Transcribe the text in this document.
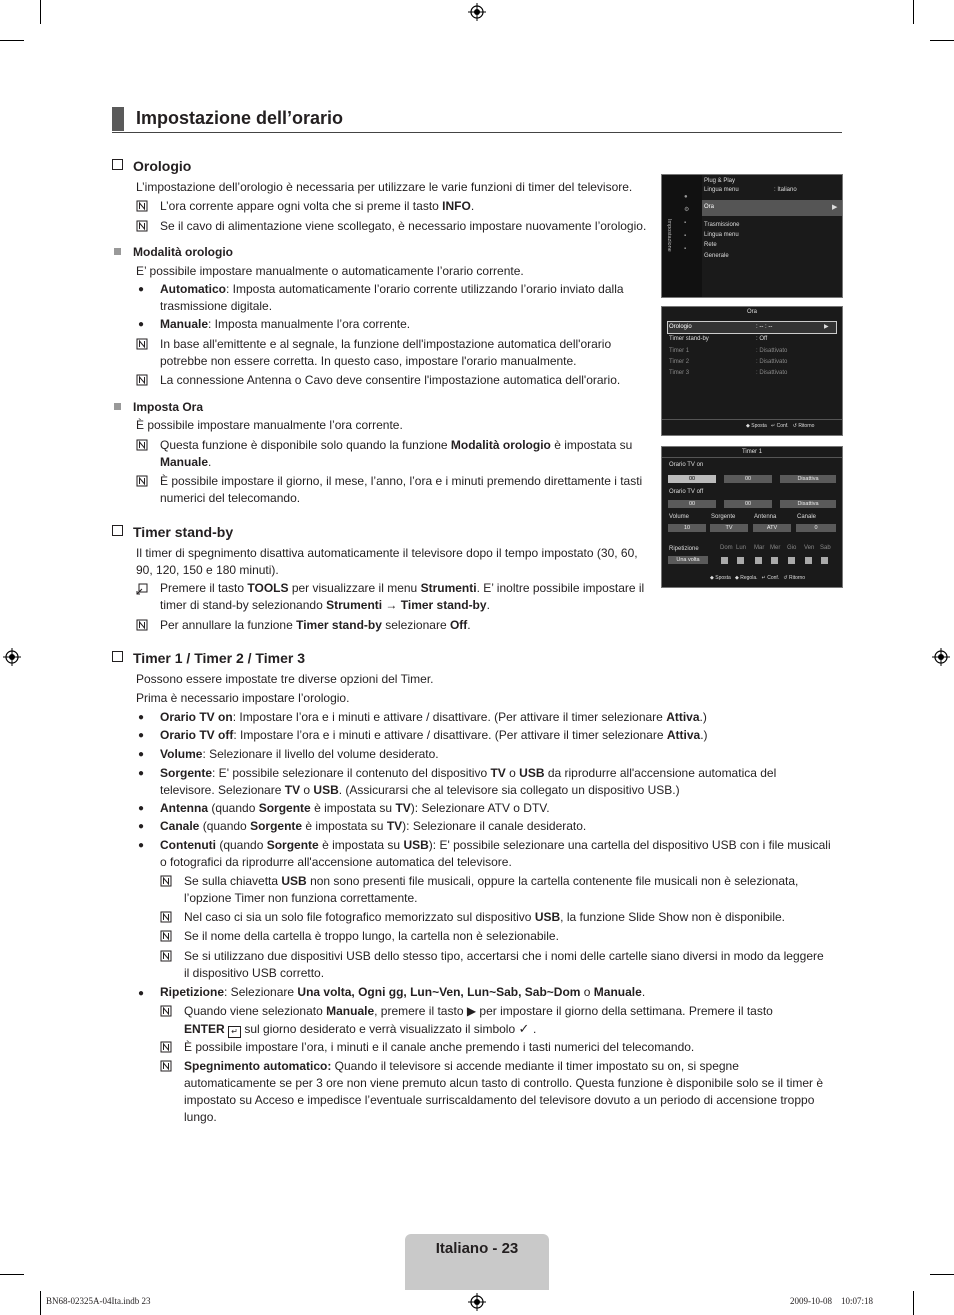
Impostazione dell’orario
Orologio
L’impostazione dell’orologio è necessaria per utilizzare le varie funzioni di timer del televisore.
L’ora corrente appare ogni volta che si preme il tasto INFO.
Se il cavo di alimentazione viene scollegato, è necessario impostare nuovamente l’orologio.
Modalità orologio
E’ possibile impostare manualmente o automaticamente l’orario corrente.
● Automatico: Imposta automaticamente l’orario corrente utilizzando l’orario inviato dalla
trasmissione digitale.
● Manuale: Imposta manualmente l’ora corrente.
In base all'emittente e al segnale, la funzione dell'impostazione automatica dell'orario
potrebbe non essere corretta. In questo caso, impostare l'orario manualmente.
La connessione Antenna o Cavo deve consentire l'impostazione automatica dell'orario.
Imposta Ora
È possibile impostare manualmente l’ora corrente.
Questa funzione è disponibile solo quando la funzione Modalità orologio è impostata su
Manuale.
È possibile impostare il giorno, il mese, l’anno, l’ora e i minuti premendo direttamente i tasti
numerici del telecomando.
Timer stand-by
Il timer di spegnimento disattiva automaticamente il televisore dopo il tempo impostato (30, 60,
90, 120, 150 e 180 minuti).
Premere il tasto TOOLS per visualizzare il menu Strumenti. E’ inoltre possibile impostare il
timer di stand-by selezionando Strumenti → Timer stand-by.
Per annullare la funzione Timer stand-by selezionare Off.
Timer 1 / Timer 2 / Timer 3
Possono essere impostate tre diverse opzioni del Timer.
Prima è necessario impostare l’orologio.
● Orario TV on: Impostare l’ora e i minuti e attivare / disattivare. (Per attivare il timer selezionare Attiva.)
● Orario TV off: Impostare l’ora e i minuti e attivare / disattivare. (Per attivare il timer selezionare Attiva.)
● Volume: Selezionare il livello del volume desiderato.
● Sorgente: E' possibile selezionare il contenuto del dispositivo TV o USB da riprodurre all'accensione automatica del
televisore. Selezionare TV o USB. (Assicurarsi che al televisore sia collegato un dispositivo USB.)
● Antenna (quando Sorgente è impostata su TV): Selezionare ATV o DTV.
● Canale (quando Sorgente è impostata su TV): Selezionare il canale desiderato.
● Contenuti (quando Sorgente è impostata su USB): E' possibile selezionare una cartella del dispositivo USB con i file musicali
o fotografici da riprodurre all'accensione automatica del televisore.
Se sulla chiavetta USB non sono presenti file musicali, oppure la cartella contenente file musicali non è selezionata,
l’opzione Timer non funziona correttamente.
Nel caso ci sia un solo file fotografico memorizzato sul dispositivo USB, la funzione Slide Show non è disponibile.
Se il nome della cartella è troppo lungo, la cartella non è selezionabile.
Se si utilizzano due dispositivi USB dello stesso tipo, accertarsi che i nomi delle cartelle siano diversi in modo da leggere
il dispositivo USB corretto.
● Ripetizione: Selezionare Una volta, Ogni gg, Lun~Ven, Lun~Sab, Sab~Dom o Manuale.
Quando viene selezionato Manuale, premere il tasto ▶ per impostare il giorno della settimana. Premere il tasto
ENTER ↵ sul giorno desiderato e verrà visualizzato il simbolo ✓ .
È possibile impostare l’ora, i minuti e il canale anche premendo i tasti numerici del telecomando.
Spegnimento automatico: Quando il televisore si accende mediante il timer impostato su on, si spegne
automaticamente se per 3 ore non viene premuto alcun tasto di controllo. Questa funzione è disponibile solo se il timer è
impostato su Acceso e impedisce l’eventuale surriscaldamento del televisore dovuto a un periodo di accensione troppo
lungo.
Impostazione
●
⚙
▪
▪
▪
Plug & Play
Lingua menu	: Italiano
Ora	▶
Trasmissione
Lingua menu
Rete
Generale
Ora
Orologio	: -- : --	▶
Timer stand-by	: Off
Timer 1	: Disattivato
Timer 2	: Disattivato
Timer 3	: Disattivato
◆ Sposta ↵ Conf. ↺ Ritorno
Timer 1
Orario TV on
00	00	Disattiva
Orario TV off
00	00	Disattiva
Volume	Sorgente	Antenna	Canale
10	TV	ATV	0
Ripetizione	Dom Lun Mar Mer Gio Ven Sab
Una volta
◆ Sposta ◆ Regola. ↵ Conf. ↺ Ritorno
Italiano - 23
BN68-02325A-04Ita.indb 23	2009-10-08    10:07:18
